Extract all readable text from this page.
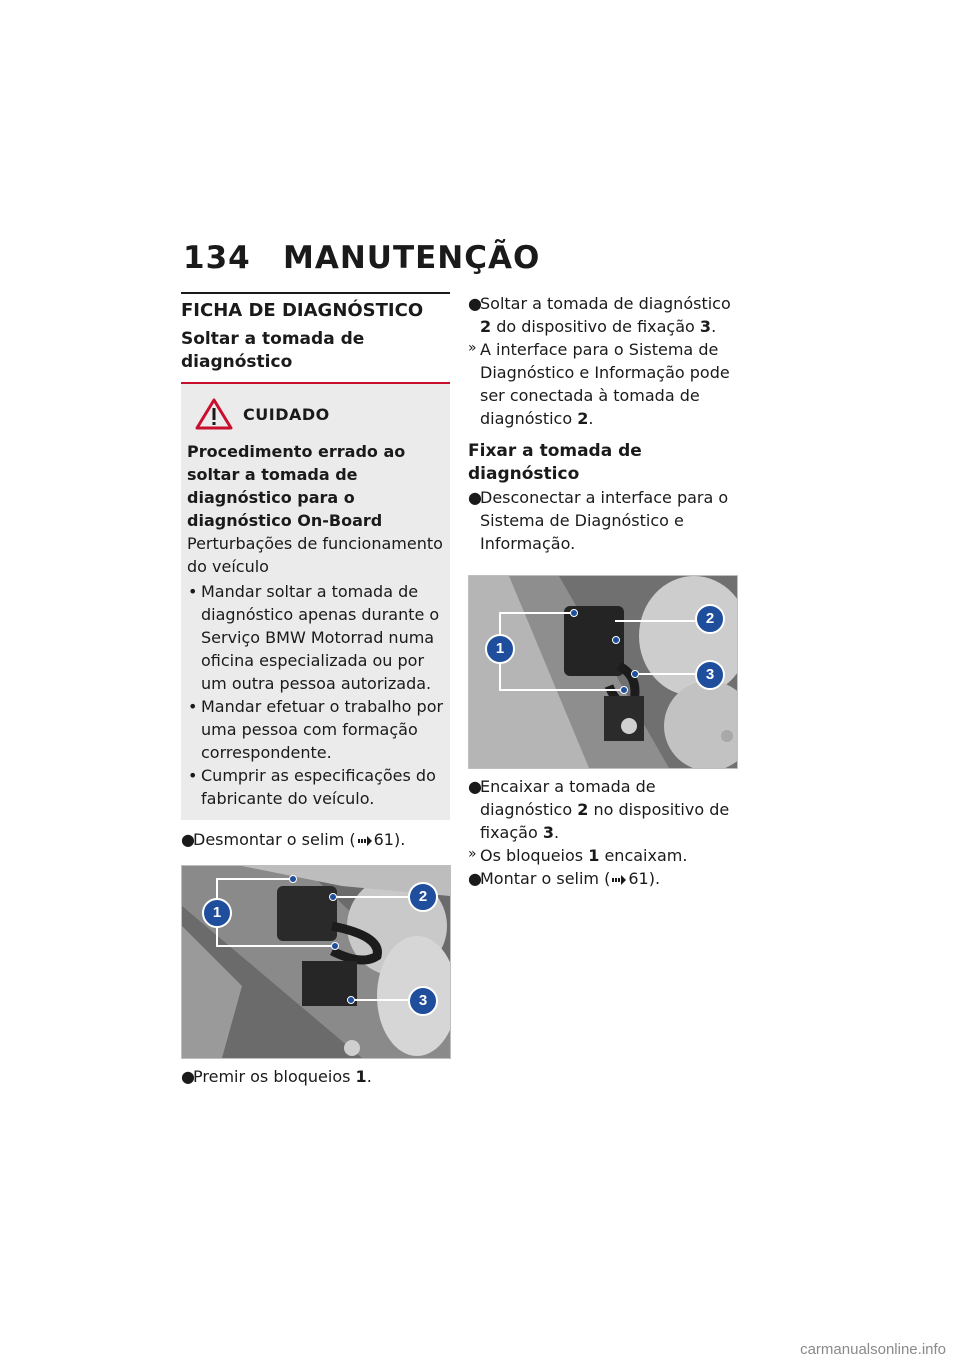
134 MANUTENÇÃO
FICHA DE DIAGNÓSTICO
Soltar a tomada de diagnóstico
CUIDADO

Procedimento errado ao soltar a tomada de diagnóstico para o diagnóstico On-Board

Perturbações de funcionamento do veículo

• Mandar soltar a tomada de diagnóstico apenas durante o Serviço BMW Motorrad numa oficina especializada ou por um outra pessoa autorizada.
• Mandar efetuar o trabalho por uma pessoa com formação correspondente.
• Cumprir as especificações do fabricante do veículo.

●
Desmontar o selim ( 61).

1
2
3

●
Premir os bloqueios 1.

●
Soltar a tomada de diagnóstico 2 do dispositivo de fixação 3.

» A interface para o Sistema de Diagnóstico e Informação pode ser conectada à tomada de diagnóstico 2.

Fixar a tomada de diagnóstico

●
Desconectar a interface para o Sistema de Diagnóstico e Informação.

1
2
3

●
Encaixar a tomada de diagnóstico 2 no dispositivo de fixação 3.

» Os bloqueios 1 encaixam.

●
Montar o selim ( 61).

carmanualsonline.info
